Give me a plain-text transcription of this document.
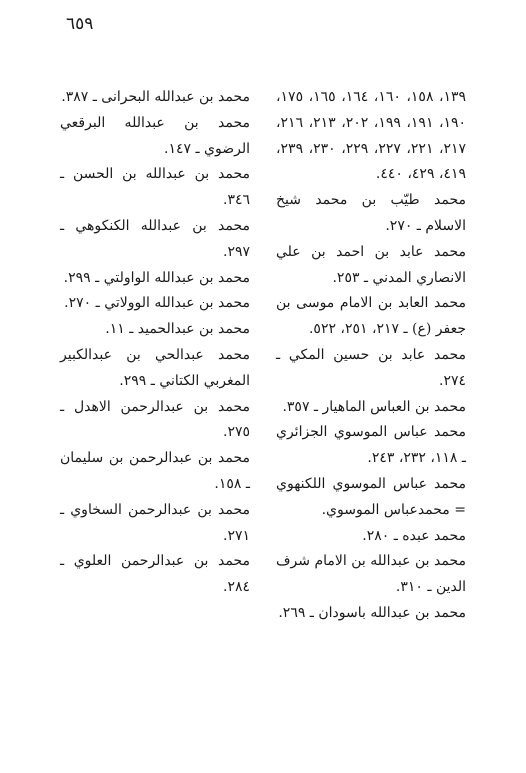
٦٥٩

١٣٩، ١٥٨، ١٦٠، ١٦٤، ١٦٥، ١٧٥، ١٩٠، ١٩١، ١٩٩، ٢٠٢، ٢١٣، ٢١٦، ٢١٧، ٢٢١، ٢٢٧، ٢٢٩، ٢٣٠، ٢٣٩، ٤١٩، ٤٢٩، ٤٤٠.

محمد طيّب بن محمد شيخ الاسلام ـ ٢٧٠.

محمد عابد بن احمد بن علي الانصاري المدني ـ ٢٥٣.

محمد العابد بن الامام موسى بن جعفر (ع) ـ ٢١٧، ٢٥١، ٥٢٢.

محمد عابد بن حسين المكي ـ ٢٧٤.

محمد بن العباس الماهيار ـ ٣٥٧.

محمد عباس الموسوي الجزائري ـ ١١٨، ٢٣٢، ٢٤٣.

محمد عباس الموسوي اللكنهوي = محمدعباس الموسوي.

محمد عبده ـ ٢٨٠.

محمد بن عبدالله بن الامام شرف الدين ـ ٣١٠.

محمد بن عبدالله باسودان ـ ٢٦٩.

محمد بن عبدالله البحرانى ـ ٣٨٧.

محمد بن عبدالله البرقعي الرضوي ـ ١٤٧.

محمد بن عبدالله بن الحسن ـ ٣٤٦.

محمد بن عبدالله الكنكوهي ـ ٢٩٧.

محمد بن عبدالله الواولتي ـ ٢٩٩.

محمد بن عبدالله الوولاتي ـ ٢٧٠.

محمد بن عبدالحميد ـ ١١.

محمد عبدالحي بن عبدالكبير المغربي الكتاني ـ ٢٩٩.

محمد بن عبدالرحمن الاهدل ـ ٢٧٥.

محمد بن عبدالرحمن بن سليمان ـ ١٥٨.

محمد بن عبدالرحمن السخاوي ـ ٢٧١.

محمد بن عبدالرحمن العلوي ـ ٢٨٤.
